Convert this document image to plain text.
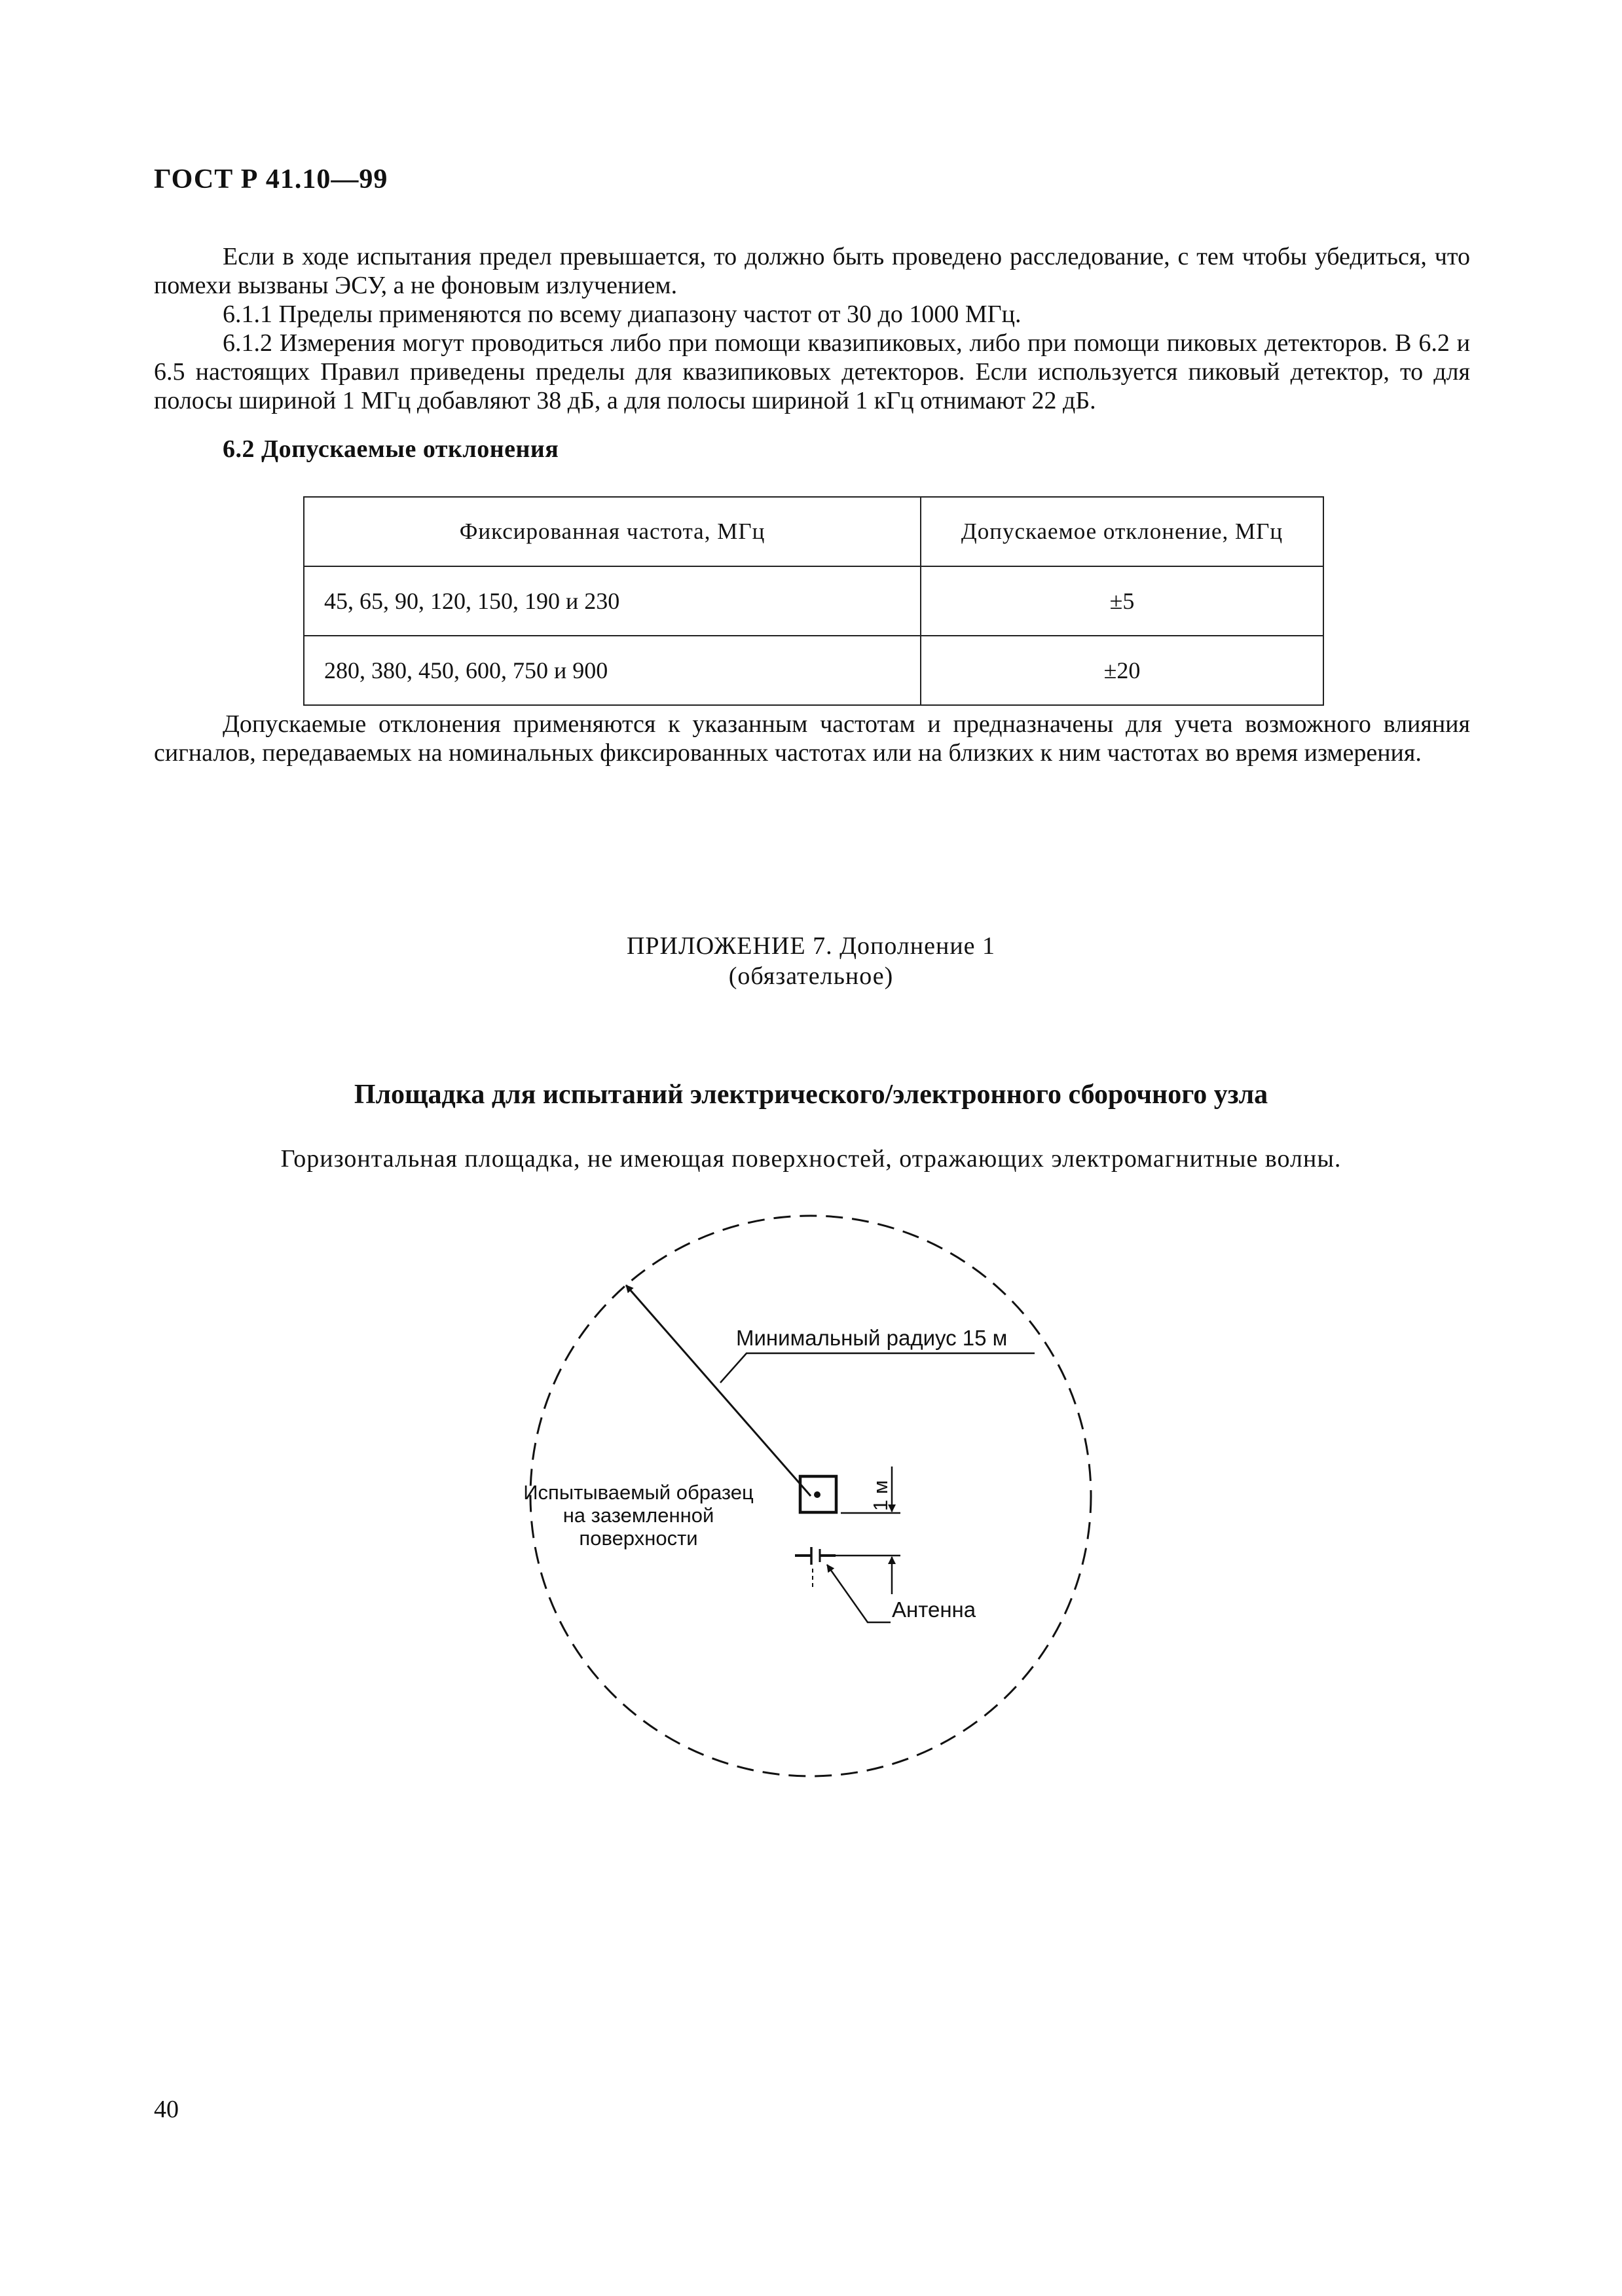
ГОСТ Р 41.10—99
Если в ходе испытания предел превышается, то должно быть проведено расследование, с тем чтобы убедиться, что помехи вызваны ЭСУ, а не фоновым излучением.
6.1.1 Пределы применяются по всему диапазону частот от 30 до 1000 МГц.
6.1.2 Измерения могут проводиться либо при помощи квазипиковых, либо при помощи пиковых детекторов. В 6.2 и 6.5 настоящих Правил приведены пределы для квазипиковых детекторов. Если используется пиковый детектор, то для полосы шириной 1 МГц добавляют 38 дБ, а для полосы шириной 1 кГц отнимают 22 дБ.
6.2 Допускаемые отклонения
Фиксированная частота, МГц	Допускаемое отклонение, МГц
45, 65, 90, 120, 150, 190 и 230	±5
280, 380, 450, 600, 750 и 900	±20
Допускаемые отклонения применяются к указанным частотам и предназначены для учета возможного влияния сигналов, передаваемых на номинальных фиксированных частотах или на близких к ним частотах во время измерения.
ПРИЛОЖЕНИЕ 7. Дополнение 1
(обязательное)
Площадка для испытаний электрического/электронного сборочного узла
Горизонтальная площадка, не имеющая поверхностей, отражающих электромагнитные волны.
Минимальный радиус 15 м
Испытываемый образец
на заземленной
поверхности
1 м
Антенна
40
